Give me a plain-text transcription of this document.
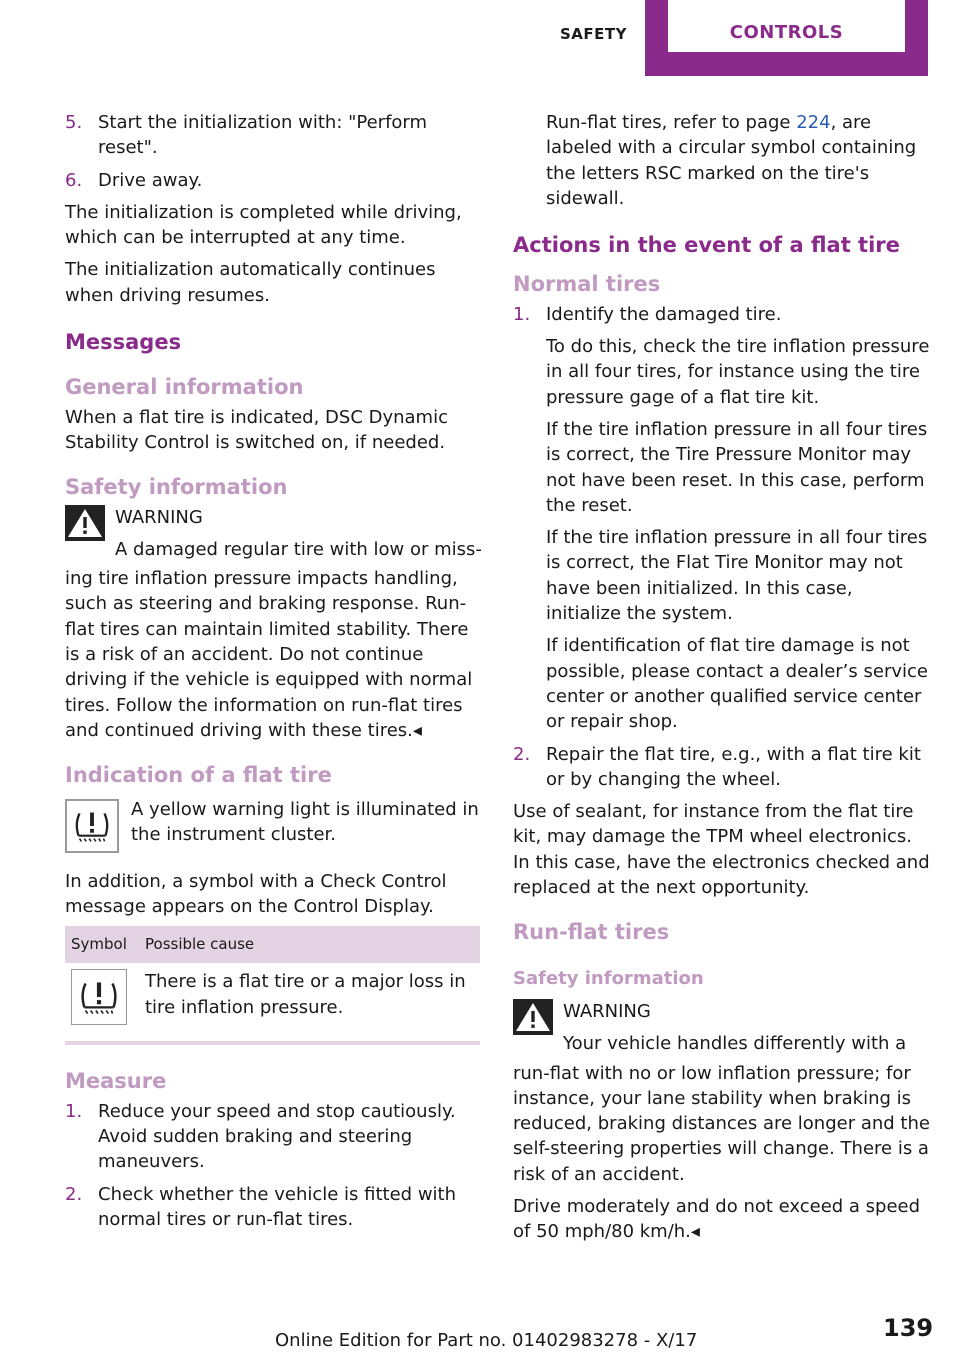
SAFETY	CONTROLS
5. Start the initialization with: "Perform reset".
6. Drive away.

The initialization is completed while driving, which can be interrupted at any time.

The initialization automatically continues when driving resumes.

Messages
General information

When a flat tire is indicated, DSC Dynamic Stability Control is switched on, if needed.

Safety information
WARNING
A damaged regular tire with low or miss-

ing tire inflation pressure impacts handling, such as steering and braking response. Run-flat tires can maintain limited stability. There is a risk of an accident. Do not continue driving if the vehicle is equipped with normal tires. Follow the information on run-flat tires and continued driving with these tires.◂

Indication of a flat tire
A yellow warning light is illuminated in the instrument cluster.

In addition, a symbol with a Check Control message appears on the Control Display.

Symbol	Possible cause

	There is a flat tire or a major loss in tire inflation pressure.
Measure
1. Reduce your speed and stop cautiously. Avoid sudden braking and steering maneuvers.
2. Check whether the vehicle is fitted with normal tires or run-flat tires.

Run-flat tires, refer to page 224, are labeled with a circular symbol containing the letters RSC marked on the tire's sidewall.

Actions in the event of a flat tire
Normal tires
1. Identify the damaged tire.

To do this, check the tire inflation pressure in all four tires, for instance using the tire pressure gage of a flat tire kit.

If the tire inflation pressure in all four tires is correct, the Tire Pressure Monitor may not have been reset. In this case, perform the reset.

If the tire inflation pressure in all four tires is correct, the Flat Tire Monitor may not have been initialized. In this case, initialize the system.

If identification of flat tire damage is not possible, please contact a dealer’s service center or another qualified service center or repair shop.

2. Repair the flat tire, e.g., with a flat tire kit or by changing the wheel.

Use of sealant, for instance from the flat tire kit, may damage the TPM wheel electronics. In this case, have the electronics checked and replaced at the next opportunity.

Run-flat tires
Safety information
WARNING
Your vehicle handles differently with a

run-flat with no or low inflation pressure; for instance, your lane stability when braking is reduced, braking distances are longer and the self-steering properties will change. There is a risk of an accident.

Drive moderately and do not exceed a speed of 50 mph/80 km/h.◂

Online Edition for Part no. 01402983278 - X/17	139
